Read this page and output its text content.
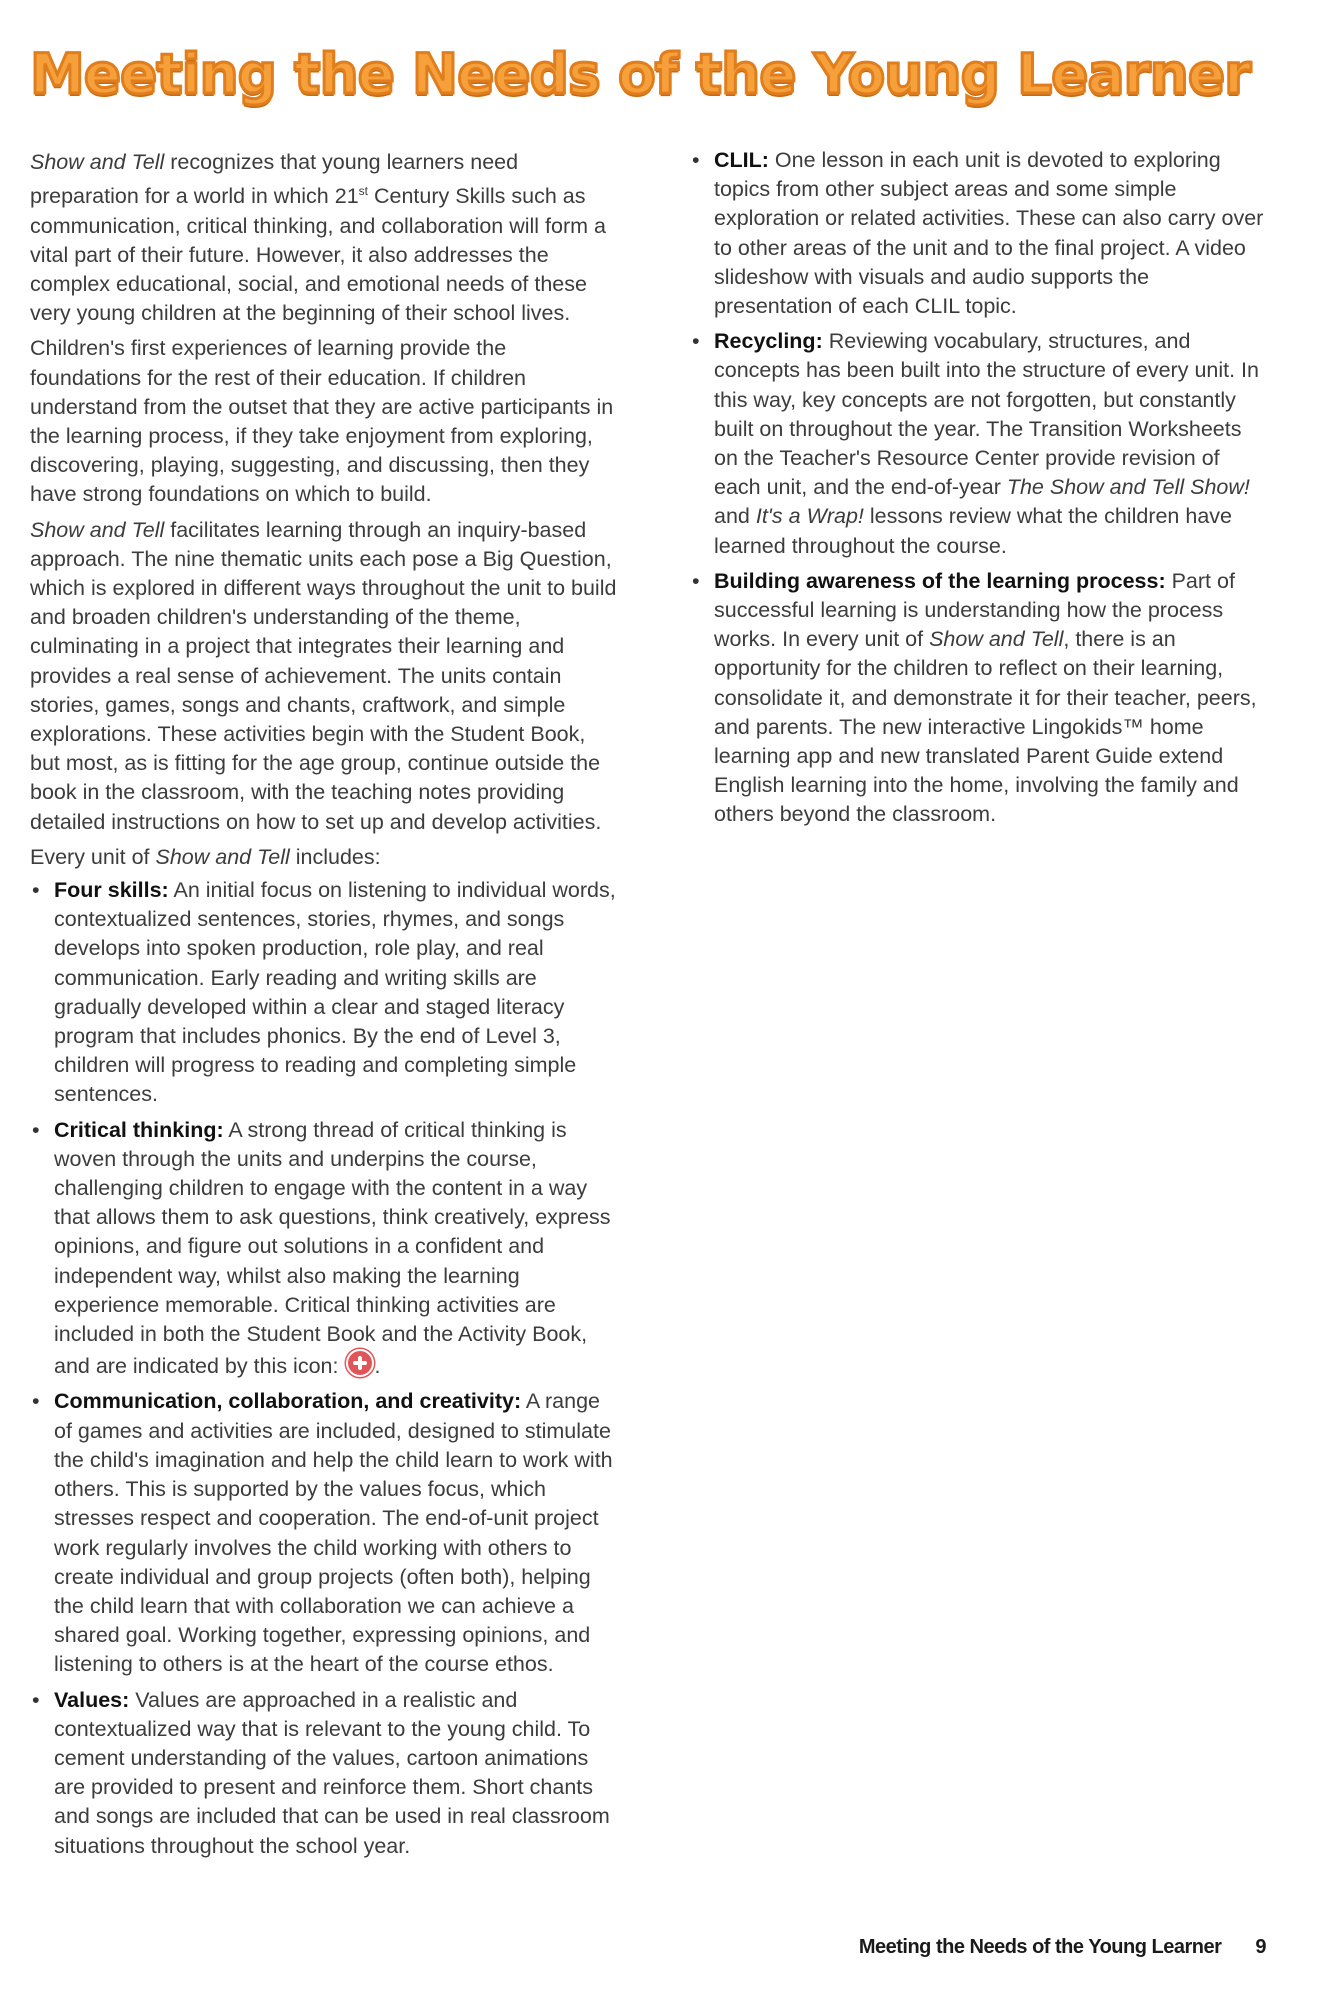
Meeting the Needs of the Young Learner

Show and Tell recognizes that young learners need preparation for a world in which 21st Century Skills such as communication, critical thinking, and collaboration will form a vital part of their future. However, it also addresses the complex educational, social, and emotional needs of these very young children at the beginning of their school lives.

Children's first experiences of learning provide the foundations for the rest of their education. If children understand from the outset that they are active participants in the learning process, if they take enjoyment from exploring, discovering, playing, suggesting, and discussing, then they have strong foundations on which to build.

Show and Tell facilitates learning through an inquiry-based approach. The nine thematic units each pose a Big Question, which is explored in different ways throughout the unit to build and broaden children's understanding of the theme, culminating in a project that integrates their learning and provides a real sense of achievement. The units contain stories, games, songs and chants, craftwork, and simple explorations. These activities begin with the Student Book, but most, as is fitting for the age group, continue outside the book in the classroom, with the teaching notes providing detailed instructions on how to set up and develop activities.

Every unit of Show and Tell includes:

• Four skills: An initial focus on listening to individual words, contextualized sentences, stories, rhymes, and songs develops into spoken production, role play, and real communication. Early reading and writing skills are gradually developed within a clear and staged literacy program that includes phonics. By the end of Level 3, children will progress to reading and completing simple sentences.
• Critical thinking: A strong thread of critical thinking is woven through the units and underpins the course, challenging children to engage with the content in a way that allows them to ask questions, think creatively, express opinions, and figure out solutions in a confident and independent way, whilst also making the learning experience memorable. Critical thinking activities are included in both the Student Book and the Activity Book, and are indicated by this icon: .
• Communication, collaboration, and creativity: A range of games and activities are included, designed to stimulate the child's imagination and help the child learn to work with others. This is supported by the values focus, which stresses respect and cooperation. The end-of-unit project work regularly involves the child working with others to create individual and group projects (often both), helping the child learn that with collaboration we can achieve a shared goal. Working together, expressing opinions, and listening to others is at the heart of the course ethos.
• Values: Values are approached in a realistic and contextualized way that is relevant to the young child. To cement understanding of the values, cartoon animations are provided to present and reinforce them. Short chants and songs are included that can be used in real classroom situations throughout the school year.
• CLIL: One lesson in each unit is devoted to exploring topics from other subject areas and some simple exploration or related activities. These can also carry over to other areas of the unit and to the final project. A video slideshow with visuals and audio supports the presentation of each CLIL topic.
• Recycling: Reviewing vocabulary, structures, and concepts has been built into the structure of every unit. In this way, key concepts are not forgotten, but constantly built on throughout the year. The Transition Worksheets on the Teacher's Resource Center provide revision of each unit, and the end-of-year The Show and Tell Show! and It's a Wrap! lessons review what the children have learned throughout the course.
• Building awareness of the learning process: Part of successful learning is understanding how the process works. In every unit of Show and Tell, there is an opportunity for the children to reflect on their learning, consolidate it, and demonstrate it for their teacher, peers, and parents. The new interactive Lingokids™ home learning app and new translated Parent Guide extend English learning into the home, involving the family and others beyond the classroom.
Meeting the Needs of the Young Learner 9
